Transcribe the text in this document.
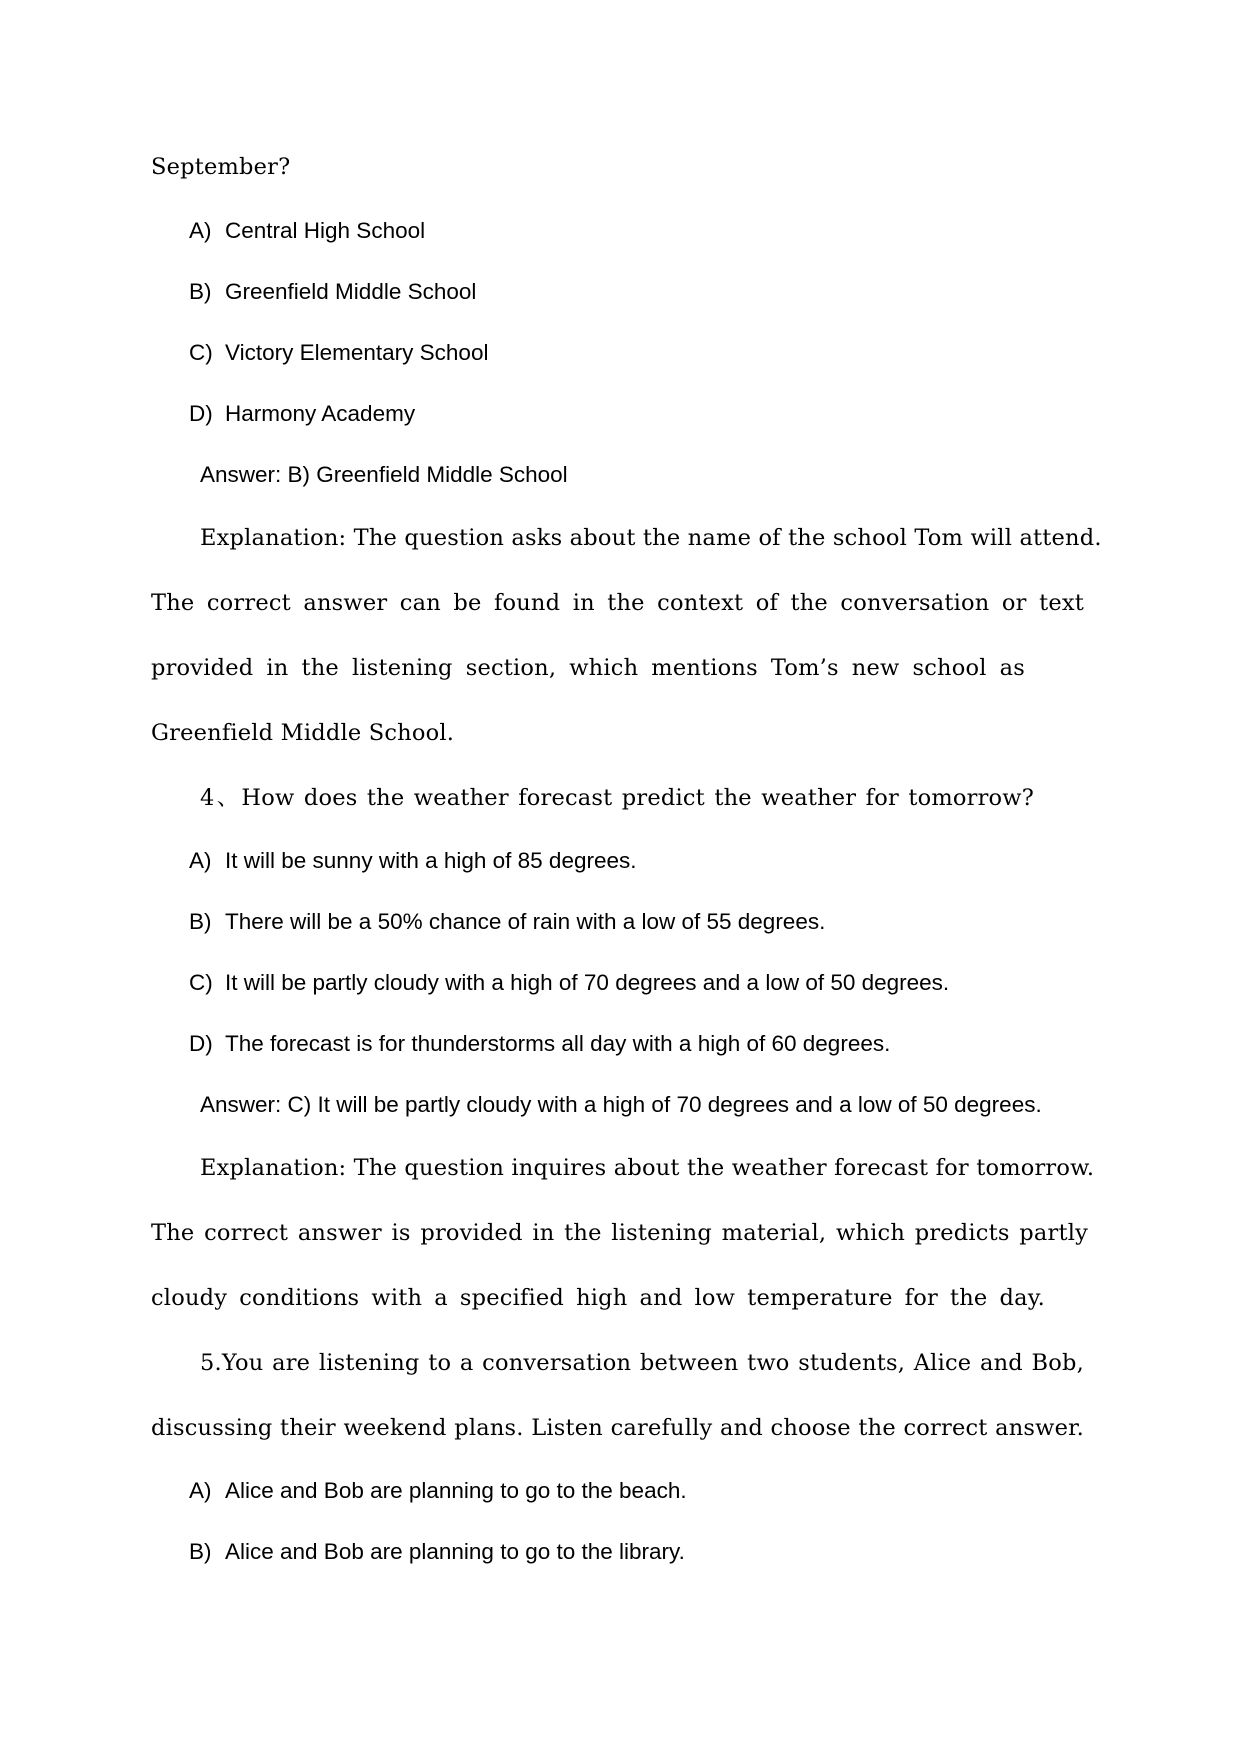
September?
A) Central High School
B) Greenfield Middle School
C) Victory Elementary School
D) Harmony Academy
Answer: B) Greenfield Middle School
Explanation: The question asks about the name of the school Tom will attend.
The correct answer can be found in the context of the conversation or text
provided in the listening section, which mentions Tom’s new school as
Greenfield Middle School.
4、How does the weather forecast predict the weather for tomorrow?
A) It will be sunny with a high of 85 degrees.
B) There will be a 50% chance of rain with a low of 55 degrees.
C) It will be partly cloudy with a high of 70 degrees and a low of 50 degrees.
D) The forecast is for thunderstorms all day with a high of 60 degrees.
Answer: C) It will be partly cloudy with a high of 70 degrees and a low of 50 degrees.
Explanation: The question inquires about the weather forecast for tomorrow.
The correct answer is provided in the listening material, which predicts partly
cloudy conditions with a specified high and low temperature for the day.
5.You are listening to a conversation between two students, Alice and Bob,
discussing their weekend plans. Listen carefully and choose the correct answer.
A) Alice and Bob are planning to go to the beach.
B) Alice and Bob are planning to go to the library.
